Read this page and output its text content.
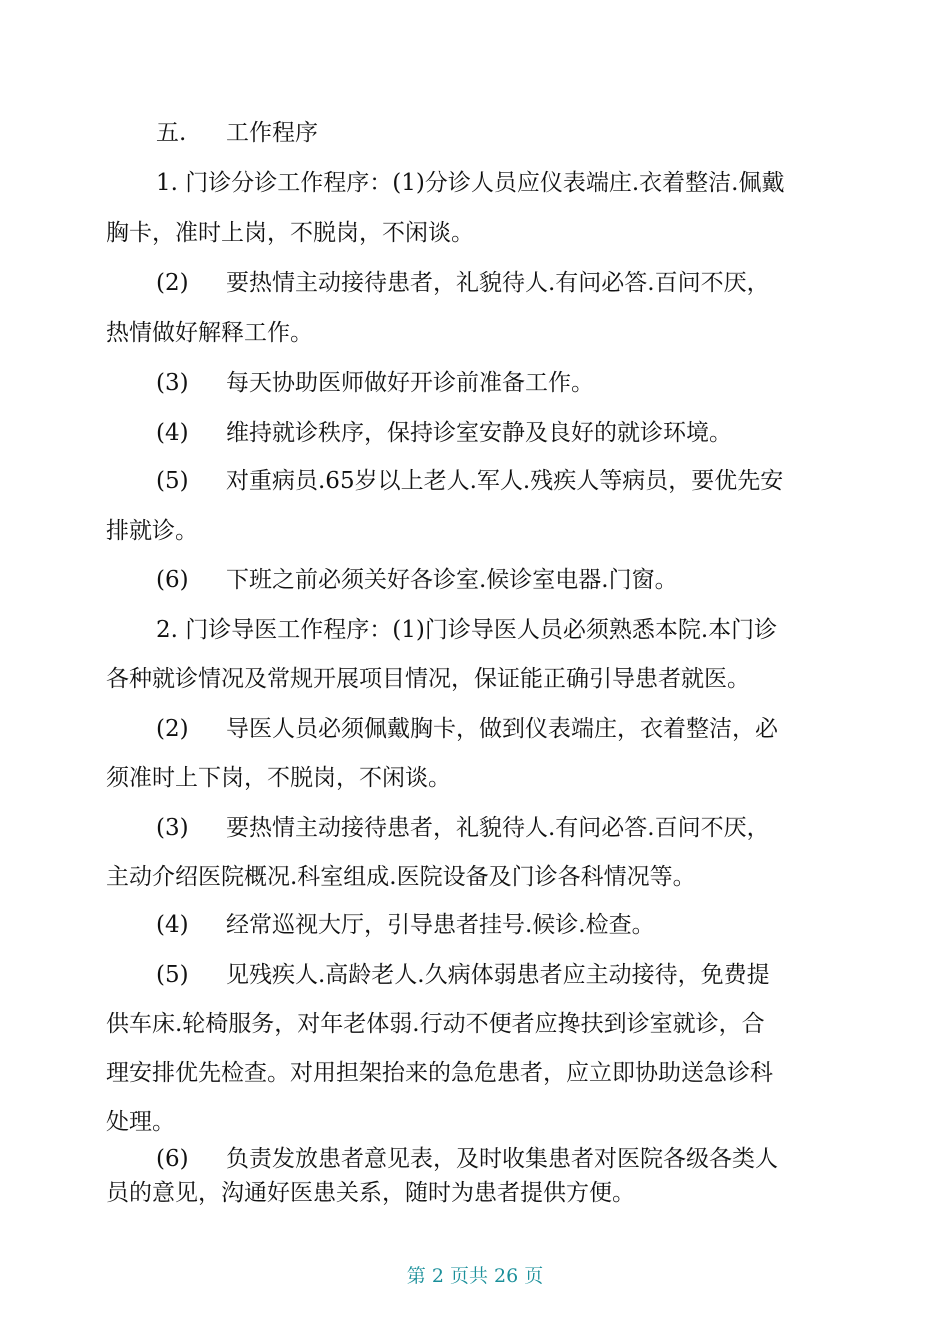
五. 工作程序
1. 门诊分诊工作程序：(1)分诊人员应仪表端庄.衣着整洁.佩戴
胸卡，准时上岗，不脱岗，不闲谈。
(2) 要热情主动接待患者，礼貌待人.有问必答.百问不厌，
热情做好解释工作。
(3) 每天协助医师做好开诊前准备工作。
(4) 维持就诊秩序，保持诊室安静及良好的就诊环境。
(5) 对重病员.65岁以上老人.军人.残疾人等病员，要优先安
排就诊。
(6) 下班之前必须关好各诊室.候诊室电器.门窗。
2. 门诊导医工作程序：(1)门诊导医人员必须熟悉本院.本门诊
各种就诊情况及常规开展项目情况，保证能正确引导患者就医。
(2) 导医人员必须佩戴胸卡，做到仪表端庄，衣着整洁，必
须准时上下岗，不脱岗，不闲谈。
(3) 要热情主动接待患者，礼貌待人.有问必答.百问不厌，
主动介绍医院概况.科室组成.医院设备及门诊各科情况等。
(4) 经常巡视大厅，引导患者挂号.候诊.检查。
(5) 见残疾人.高龄老人.久病体弱患者应主动接待，免费提
供车床.轮椅服务，对年老体弱.行动不便者应搀扶到诊室就诊，合
理安排优先检查。对用担架抬来的急危患者，应立即协助送急诊科
处理。
(6) 负责发放患者意见表，及时收集患者对医院各级各类人
员的意见，沟通好医患关系，随时为患者提供方便。
第 2 页共 26 页
